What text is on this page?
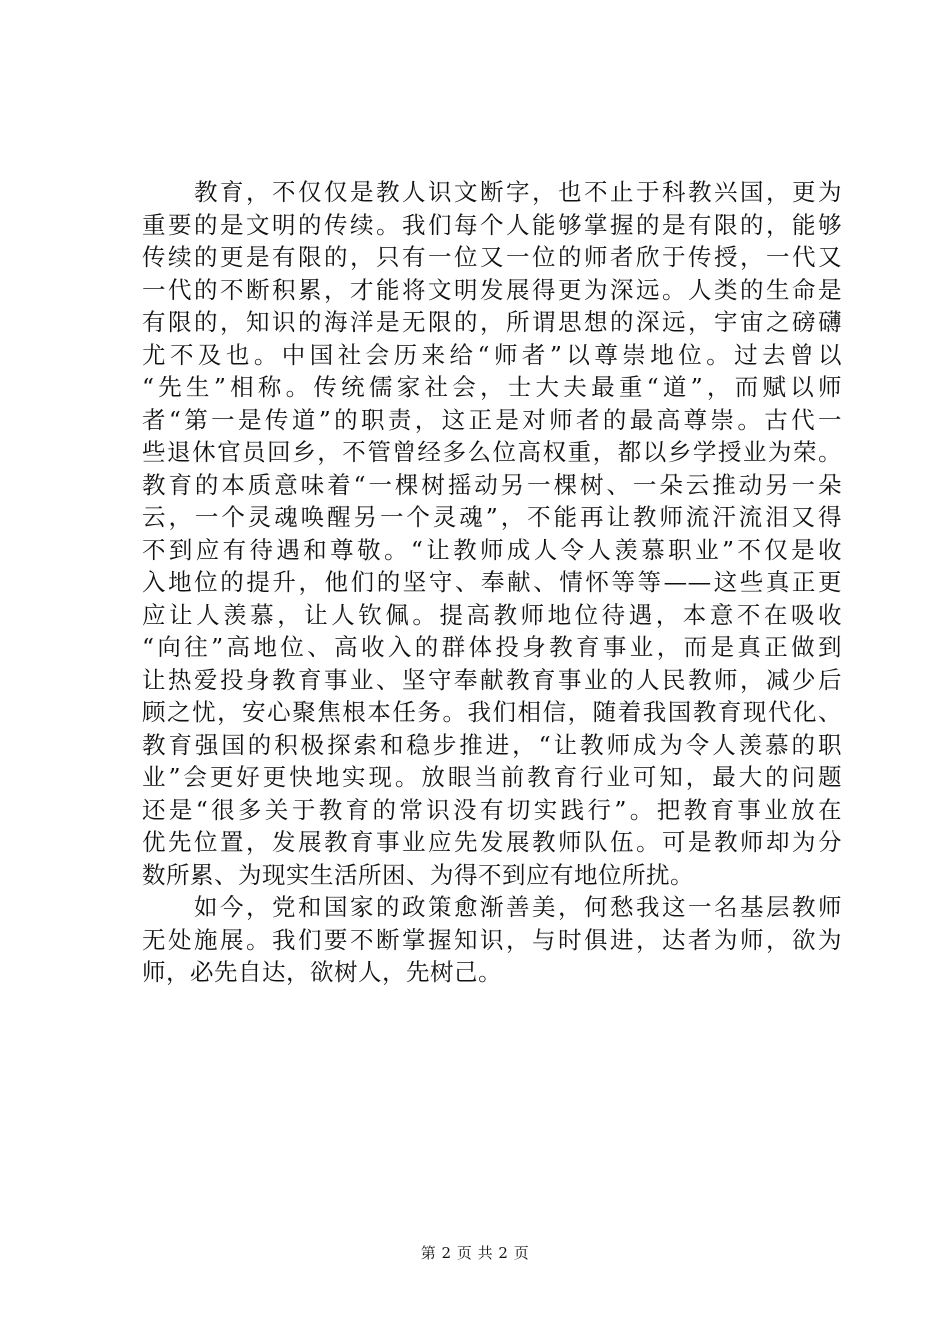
　　教育，不仅仅是教人识文断字，也不止于科教兴国，更为
重要的是文明的传续。我们每个人能够掌握的是有限的，能够
传续的更是有限的，只有一位又一位的师者欣于传授，一代又
一代的不断积累，才能将文明发展得更为深远。人类的生命是
有限的，知识的海洋是无限的，所谓思想的深远，宇宙之磅礴
尤不及也。中国社会历来给“师者”以尊崇地位。过去曾以
“先生”相称。传统儒家社会，士大夫最重“道”，而赋以师
者“第一是传道”的职责，这正是对师者的最高尊崇。古代一
些退休官员回乡，不管曾经多么位高权重，都以乡学授业为荣。
教育的本质意味着“一棵树摇动另一棵树、一朵云推动另一朵
云，一个灵魂唤醒另一个灵魂”，不能再让教师流汗流泪又得
不到应有待遇和尊敬。“让教师成人令人羡慕职业”不仅是收
入地位的提升，他们的坚守、奉献、情怀等等——这些真正更
应让人羡慕，让人钦佩。提高教师地位待遇，本意不在吸收
“向往”高地位、高收入的群体投身教育事业，而是真正做到
让热爱投身教育事业、坚守奉献教育事业的人民教师，减少后
顾之忧，安心聚焦根本任务。我们相信，随着我国教育现代化、
教育强国的积极探索和稳步推进，“让教师成为令人羡慕的职
业”会更好更快地实现。放眼当前教育行业可知，最大的问题
还是“很多关于教育的常识没有切实践行”。把教育事业放在
优先位置，发展教育事业应先发展教师队伍。可是教师却为分
数所累、为现实生活所困、为得不到应有地位所扰。
　　如今，党和国家的政策愈渐善美，何愁我这一名基层教师
无处施展。我们要不断掌握知识，与时俱进，达者为师，欲为
师，必先自达，欲树人，先树己。
第 2 页 共 2 页
